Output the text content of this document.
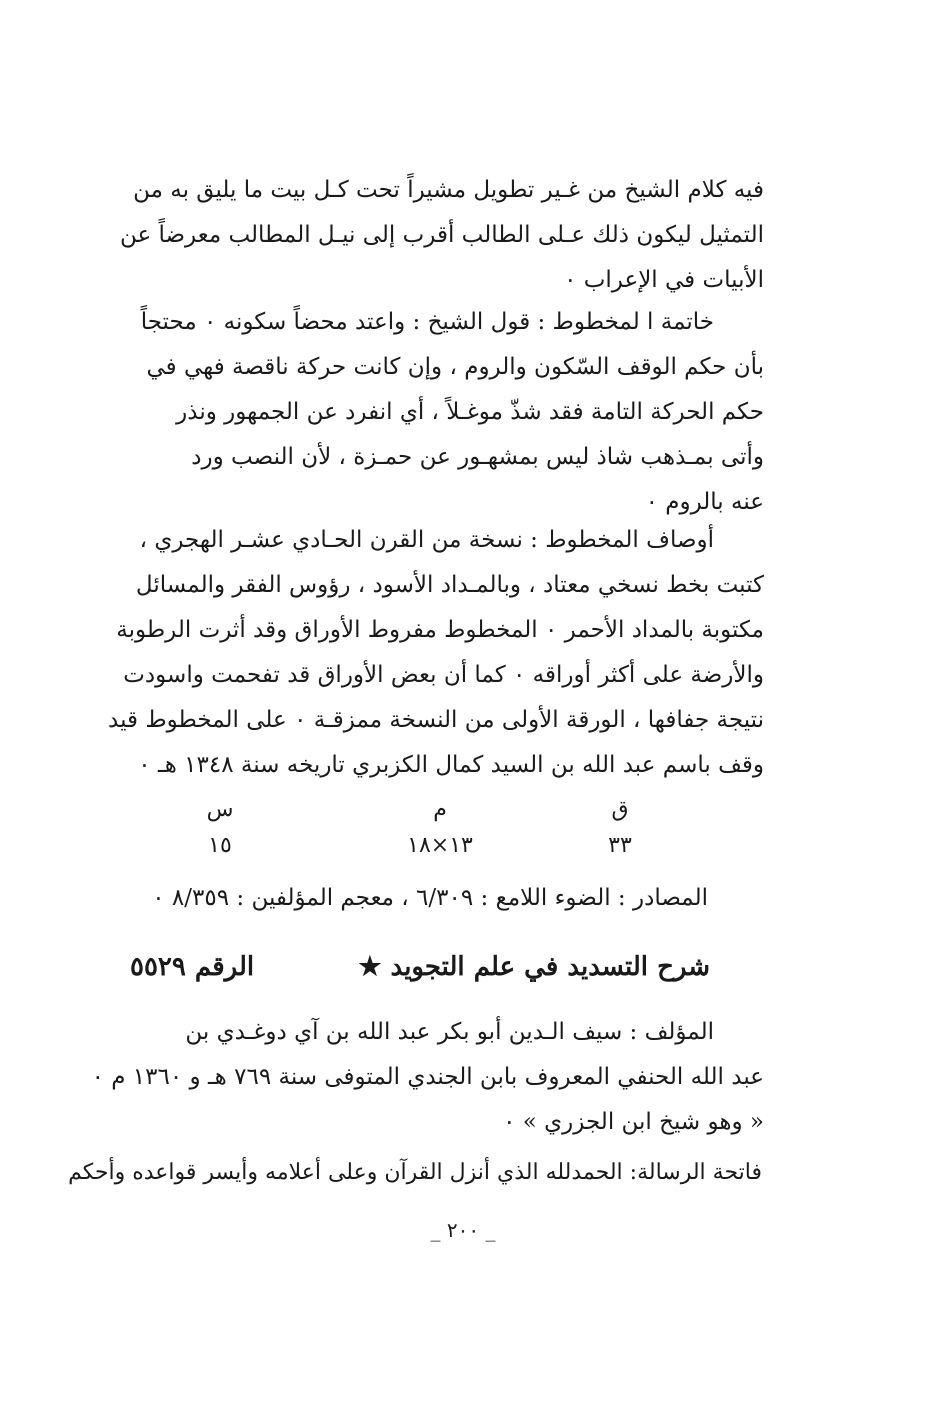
فيه كلام الشيخ من غـير تطويل مشيراً تحت كـل بيت ما يليق به من
التمثيل ليكون ذلك عـلى الطالب أقرب إلى نيـل المطالب معرضاً عن
الأبيات في الإعراب ٠
خاتمة ا لمخطوط : قول الشيخ : واعتد محضاً سكونه ٠ محتجاً
بأن حكم الوقف السّكون والروم ، وإن كانت حركة ناقصة فهي في
حكم الحركة التامة فقد شذّ موغـلاً ، أي انفرد عن الجمهور ونذر
وأتى بمـذهب شاذ ليس بمشهـور عن حمـزة ، لأن النصب ورد
عنه بالروم ٠
أوصاف المخطوط : نسخة من القرن الحـادي عشـر الهجري ،
كتبت بخط نسخي معتاد ، وبالمـداد الأسود ، رؤوس الفقر والمسائل
مكتوبة بالمداد الأحمر ٠ المخطوط مفروط الأوراق وقد أثرت الرطوبة
والأرضة على أكثر أوراقه ٠ كما أن بعض الأوراق قد تفحمت واسودت
نتيجة جفافها ، الورقة الأولى من النسخة ممزقـة ٠ على المخطوط قيد
وقف باسم عبد الله بن السيد كمال الكزبري تاريخه سنة ١٣٤٨ هـ ٠
ق
م
س
٣٣
١٣×١٨
١٥
المصادر : الضوء اللامع : ٦/٣٠٩ ، معجم المؤلفين : ٨/٣٥٩ ٠
شرح التسديد في علم التجويد ★
الرقم ٥٥٢٩
المؤلف : سيف الـدين أبو بكر عبد الله بن آي دوغـدي بن
عبد الله الحنفي المعروف بابن الجندي المتوفى سنة ٧٦٩ هـ و ١٣٦٠ م ٠
« وهو شيخ ابن الجزري » ٠
فاتحة الرسالة: الحمدلله الذي أنزل القرآن وعلى أعلامه وأيسر قواعده وأحكم
_ ٢٠٠ _
